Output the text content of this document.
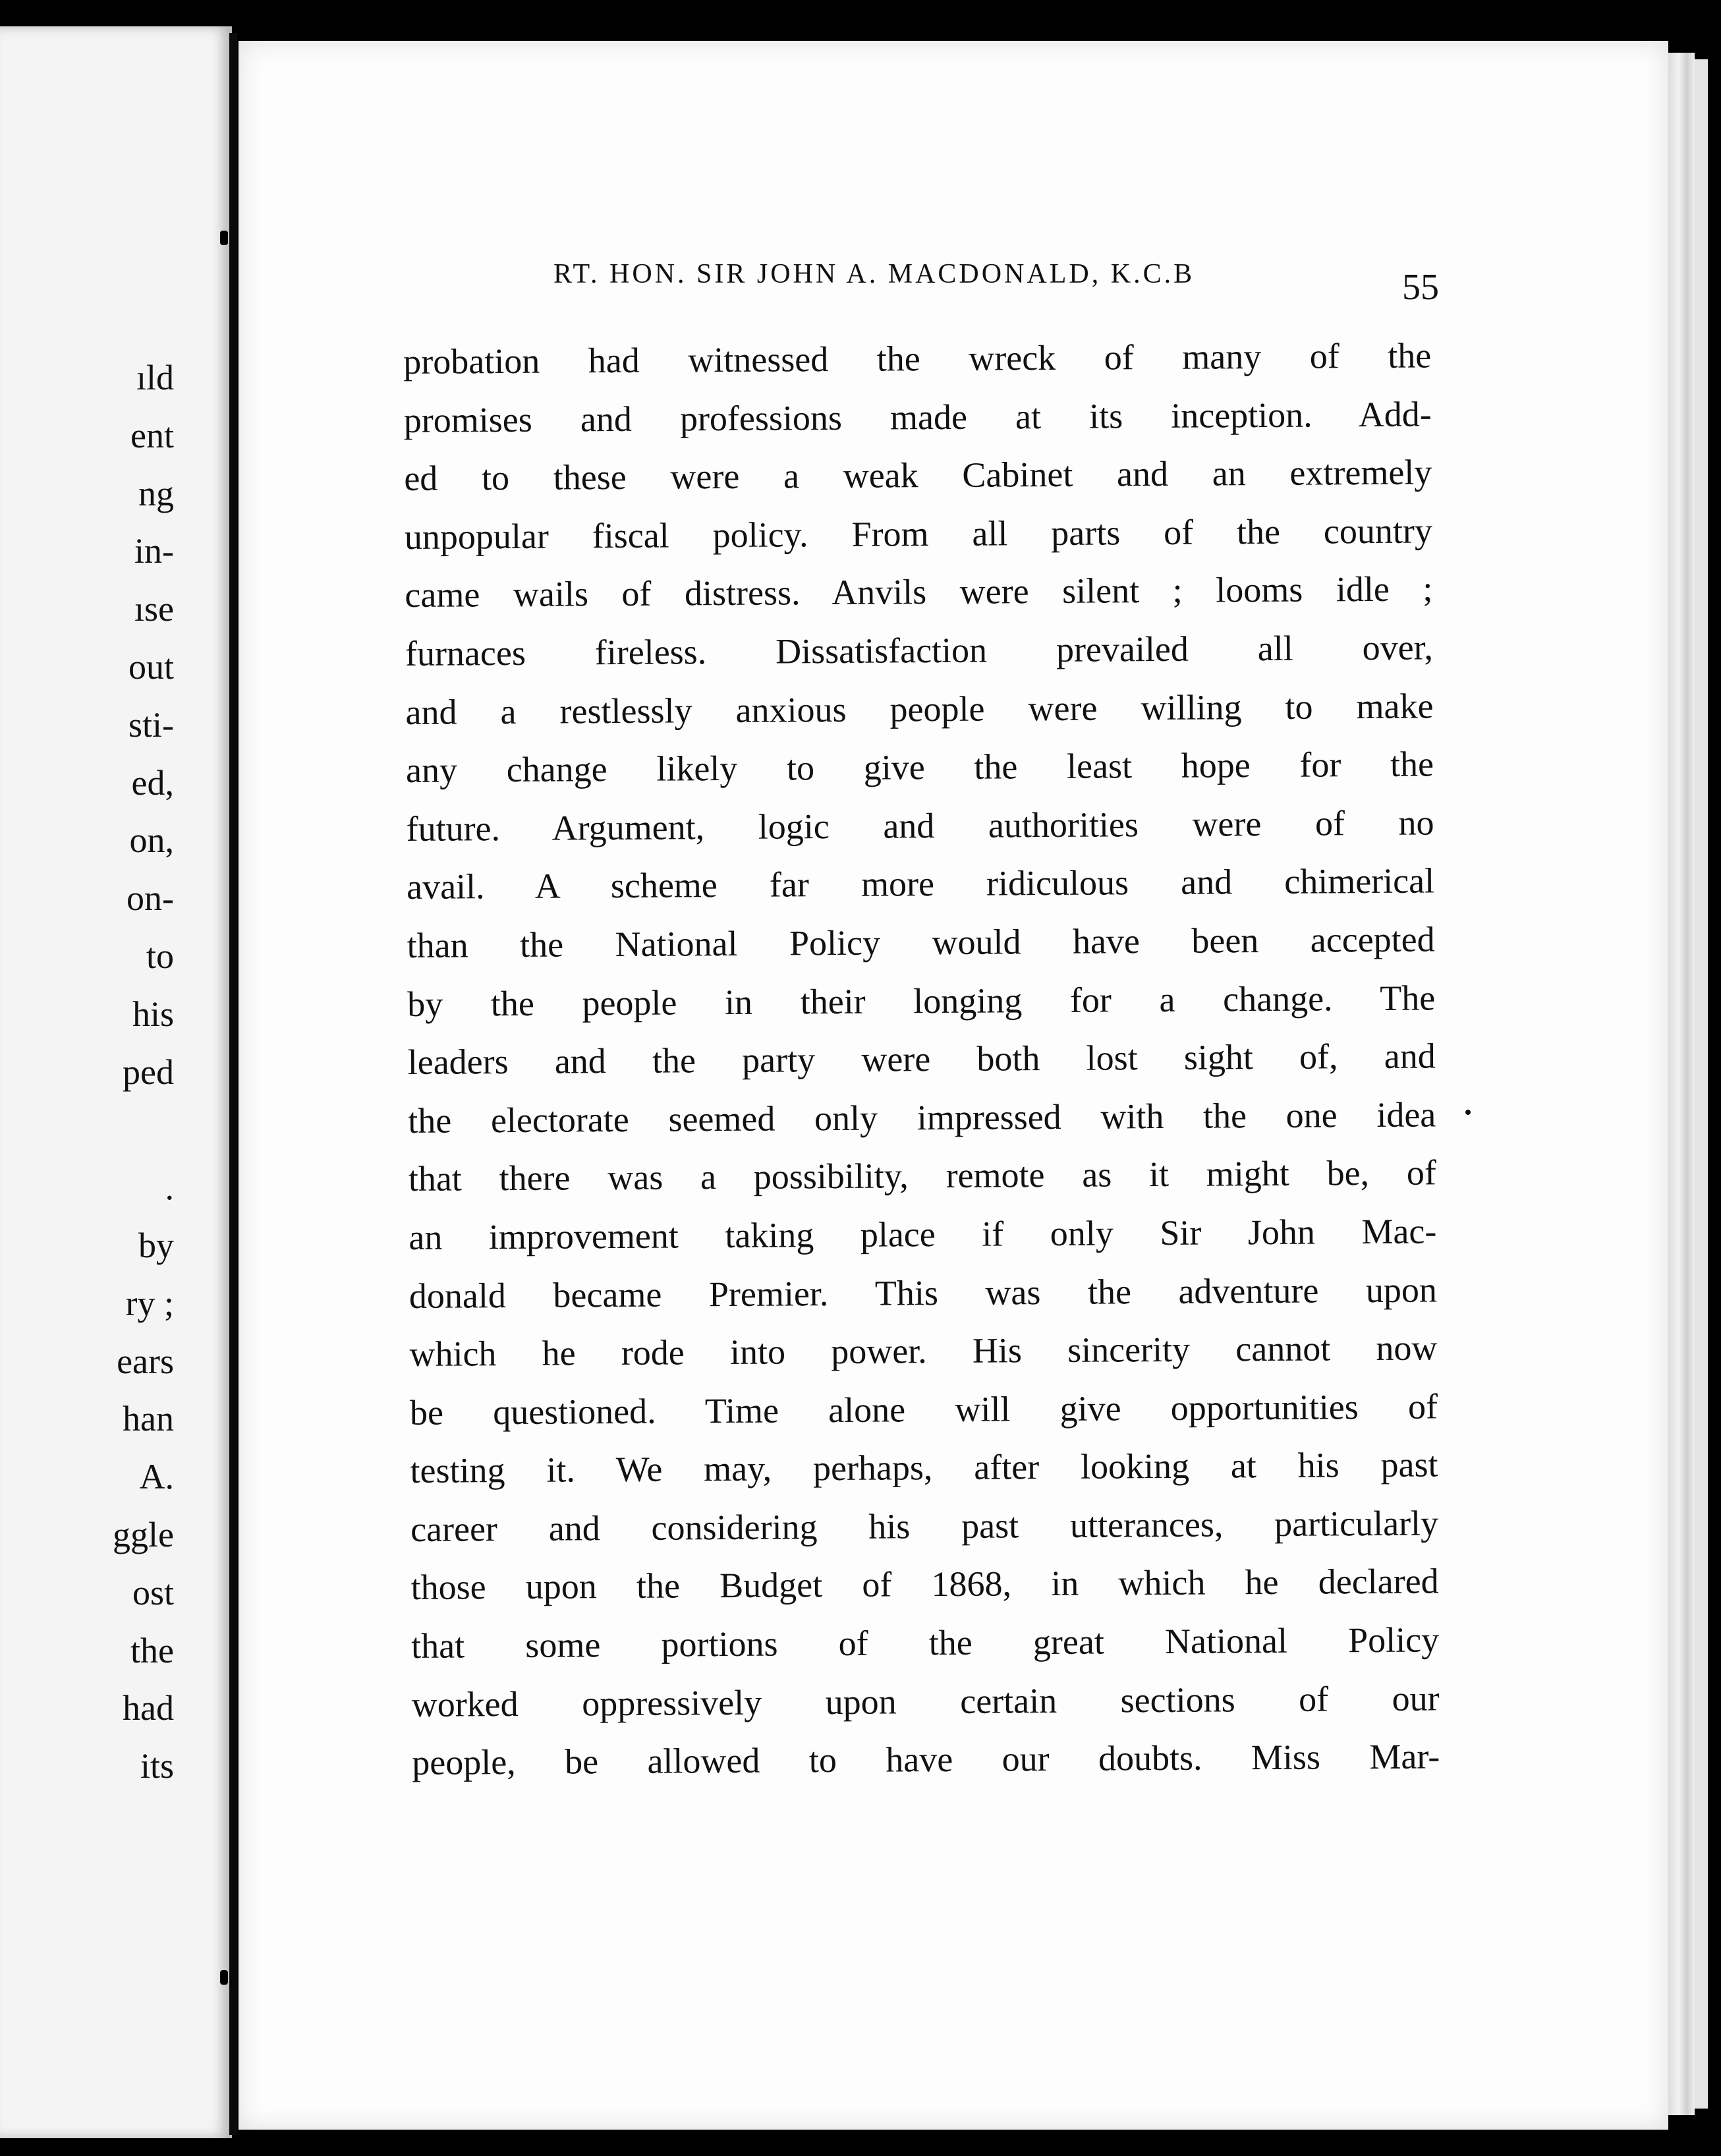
ıld
ent
ng
in-
ıse
out
sti-
ed,
on,
on-
to
his
ped
.
by
ry ;
ears
han
A.
ggle
ost
the
had
its
RT. HON. SIR JOHN A. MACDONALD, K.C.B	55
probation had witnessed the wreck of many of the
promises and professions made at its inception. Add-
ed to these were a weak Cabinet and an extremely
unpopular fiscal policy. From all parts of the country
came wails of distress. Anvils were silent ; looms idle ;
furnaces fireless. Dissatisfaction prevailed all over,
and a restlessly anxious people were willing to make
any change likely to give the least hope for the
future. Argument, logic and authorities were of no
avail. A scheme far more ridiculous and chimerical
than the National Policy would have been accepted
by the people in their longing for a change. The
leaders and the party were both lost sight of, and
the electorate seemed only impressed with the one idea
that there was a possibility, remote as it might be, of
an improvement taking place if only Sir John Mac-
donald became Premier. This was the adventure upon
which he rode into power. His sincerity cannot now
be questioned. Time alone will give opportunities of
testing it. We may, perhaps, after looking at his past
career and considering his past utterances, particularly
those upon the Budget of 1868, in which he declared
that some portions of the great National Policy
worked oppressively upon certain sections of our
people, be allowed to have our doubts. Miss Mar-
